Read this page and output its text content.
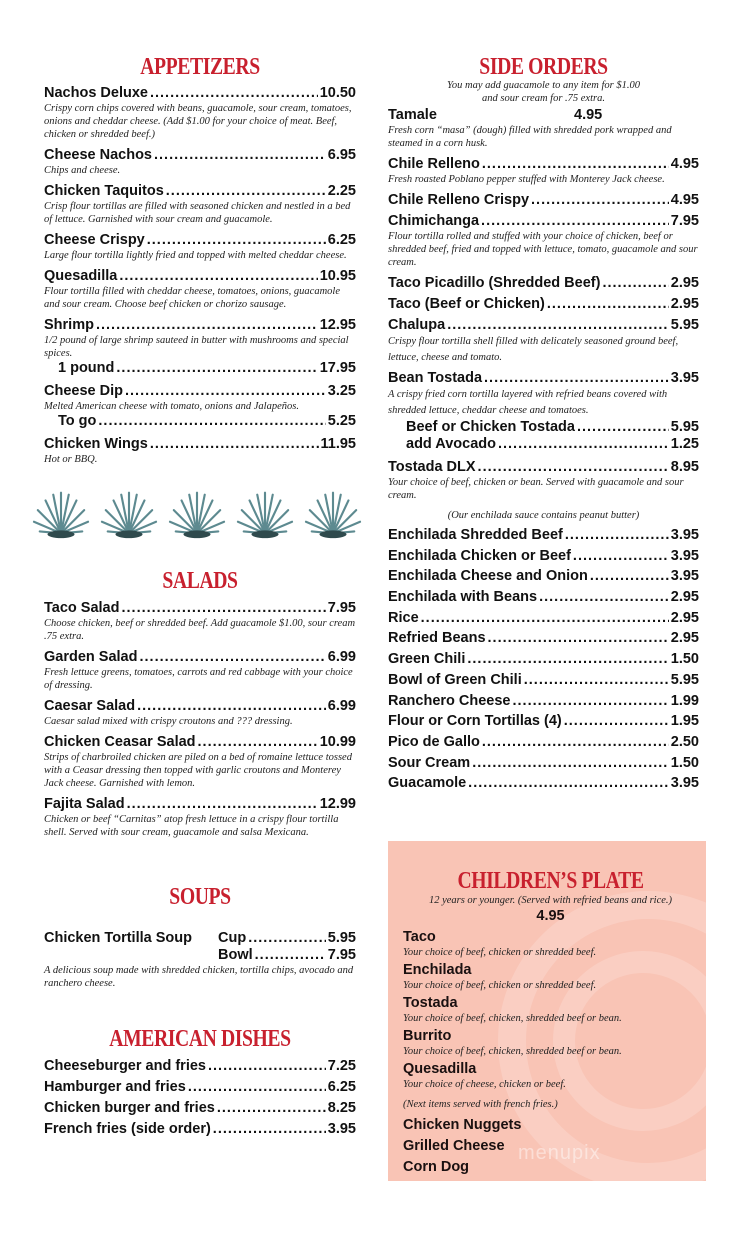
APPETIZERS
Nachos Deluxe .....	10.50
Crispy corn chips covered with beans, guacamole, sour cream, tomatoes, onions and cheddar cheese. (Add $1.00 for your choice of meat. Beef, chicken or shredded beef.)
Cheese Nachos .....	6.95
Chips and cheese.
Chicken Taquitos .....	2.25
Crisp flour tortillas are filled with seasoned chicken and nestled in a bed of lettuce. Garnished with sour cream and guacamole.
Cheese Crispy .....	6.25
Large flour tortilla lightly fried and topped with melted cheddar cheese.
Quesadilla .....	10.95
Flour tortilla filled with cheddar cheese, tomatoes, onions, guacamole and sour cream. Choose beef chicken or chorizo sausage.
Shrimp .....	12.95
1/2 pound of large shrimp sauteed in butter with mushrooms and special spices.
1 pound .....	17.95
Cheese Dip .....	3.25
Melted American cheese with tomato, onions and Jalapeños.
To go .....	5.25
Chicken Wings .....	11.95
Hot or BBQ.
SALADS
Taco Salad .....	7.95
Choose chicken, beef or shredded beef. Add guacamole $1.00, sour cream .75 extra.
Garden Salad .....	6.99
Fresh lettuce greens, tomatoes, carrots and red cabbage with your choice of dressing.
Caesar Salad .....	6.99
Caesar salad mixed with crispy croutons and ??? dressing.
Chicken Ceasar Salad .....	10.99
Strips of charbroiled chicken are piled on a bed of romaine lettuce tossed with a Ceasar dressing then topped with garlic croutons and Monterey Jack cheese. Garnished with lemon.
Fajita Salad .....	12.99
Chicken or beef “Carnitas” atop fresh lettuce in a crispy flour tortilla shell. Served with sour cream, guacamole and salsa Mexicana.
SOUPS
Chicken Tortilla Soup	Cup .....	5.95
Bowl .....	7.95
A delicious soup made with shredded chicken, tortilla chips, avocado and ranchero cheese.
AMERICAN DISHES
Cheeseburger and fries .....	7.25
Hamburger and fries .....	6.25
Chicken burger and fries .....	8.25
French fries (side order) .....	3.95
SIDE ORDERS
You may add guacamole to any item for $1.00
and sour cream for .75 extra.
Tamale	4.95
Fresh corn “masa” (dough) filled with shredded pork wrapped and steamed in a corn husk.
Chile Relleno .....	4.95
Fresh roasted Poblano pepper stuffed with Monterey Jack cheese.
Chile Relleno Crispy .....	4.95
Chimichanga .....	7.95
Flour tortilla rolled and stuffed with your choice of chicken, beef or shredded beef, fried and topped with lettuce, tomato, guacamole and sour cream.
Taco Picadillo (Shredded Beef) .....	2.95
Taco (Beef or Chicken) .....	2.95
Chalupa .....	5.95
Crispy flour tortilla shell filled with delicately seasoned ground beef, lettuce, cheese and tomato.
Bean Tostada .....	3.95
A crispy fried corn tortilla layered with refried beans covered with shredded lettuce, cheddar cheese and tomatoes.
Beef or Chicken Tostada .....	5.95
add Avocado .....	1.25
Tostada DLX .....	8.95
Your choice of beef, chicken or bean. Served with guacamole and sour cream.
(Our enchilada sauce contains peanut butter)
Enchilada Shredded Beef .....	3.95
Enchilada Chicken or Beef .....	3.95
Enchilada Cheese and Onion .....	3.95
Enchilada with Beans .....	2.95
Rice .....	2.95
Refried Beans .....	2.95
Green Chili .....	1.50
Bowl of Green Chili .....	5.95
Ranchero Cheese .....	1.99
Flour or Corn Tortillas (4) .....	1.95
Pico de Gallo .....	2.50
Sour Cream .....	1.50
Guacamole .....	3.95
CHILDREN’S PLATE
12 years or younger. (Served with refried beans and rice.)
4.95
Taco
Your choice of beef, chicken or shredded beef.
Enchilada
Your choice of beef, chicken or shredded beef.
Tostada
Your choice of beef, chicken, shredded beef or bean.
Burrito
Your choice of beef, chicken, shredded beef or bean.
Quesadilla
Your choice of cheese, chicken or beef.
(Next items served with french fries.)
Chicken Nuggets
Grilled Cheese
Corn Dog
menupix
